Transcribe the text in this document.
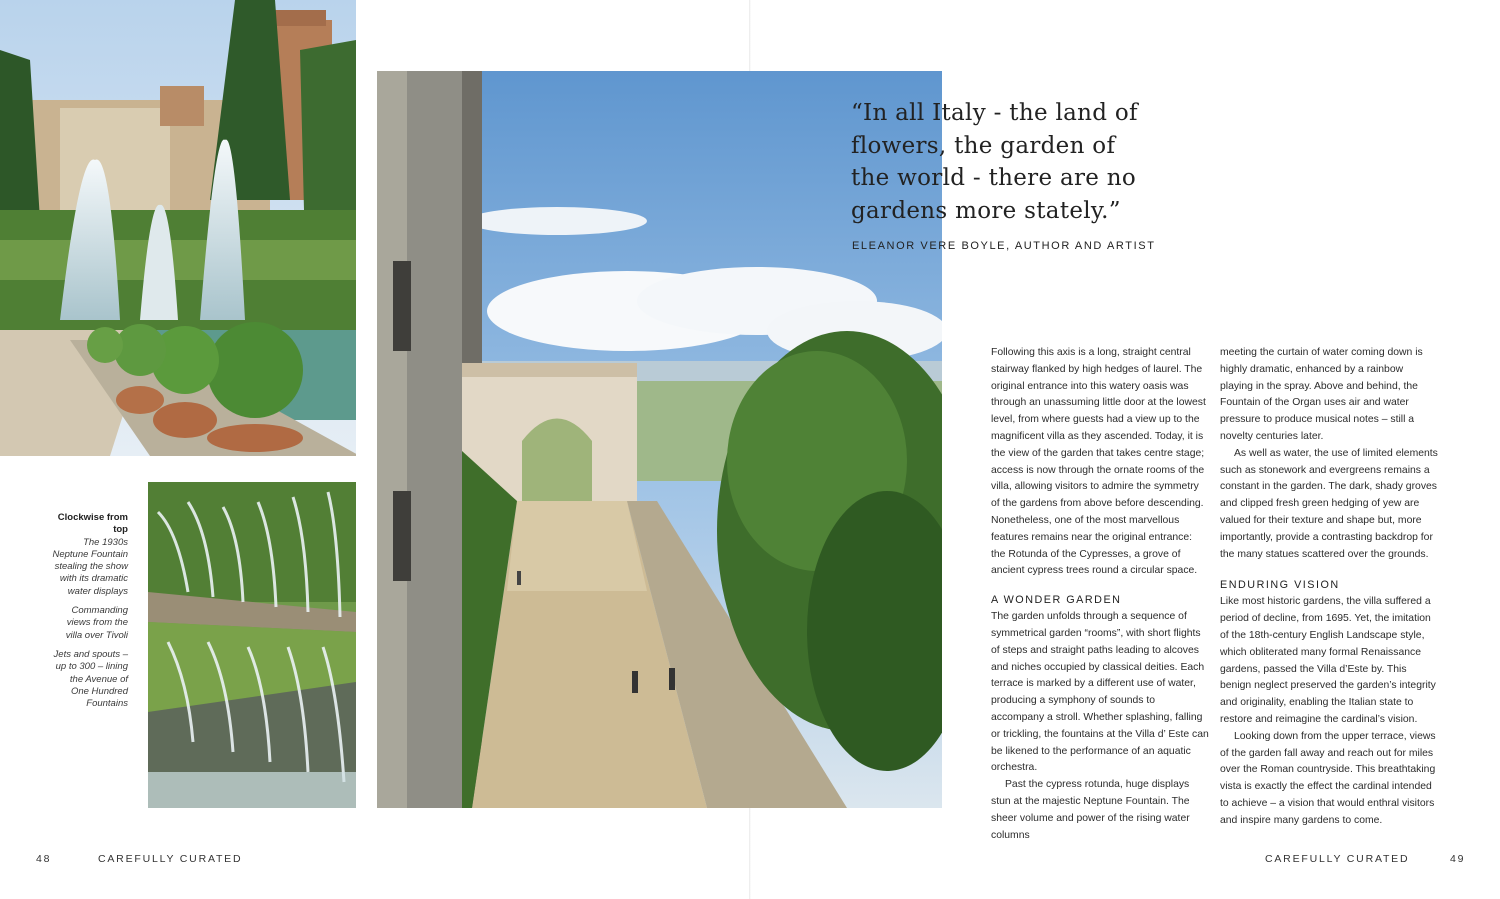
Clockwise from top
The 1930s Neptune Fountain stealing the show with its dramatic water displays
Commanding views from the villa over Tivoli
Jets and spouts – up to 300 – lining the Avenue of One Hundred Fountains
“In all Italy - the land of flowers, the garden of the world - there are no gardens more stately.”
ELEANOR VERE BOYLE, AUTHOR AND ARTIST

Following this axis is a long, straight central stairway flanked by high hedges of laurel. The original entrance into this watery oasis was through an unassuming little door at the lowest level, from where guests had a view up to the magnificent villa as they ascended. Today, it is the view of the garden that takes centre stage; access is now through the ornate rooms of the villa, allowing visitors to admire the symmetry of the gardens from above before descending. Nonetheless, one of the most marvellous features remains near the original entrance: the Rotunda of the Cypresses, a grove of ancient cypress trees round a circular space.

A WONDER GARDEN

The garden unfolds through a sequence of symmetrical garden “rooms”, with short flights of steps and straight paths leading to alcoves and niches occupied by classical deities. Each terrace is marked by a different use of water, producing a symphony of sounds to accompany a stroll. Whether splashing, falling or trickling, the fountains at the Villa d’ Este can be likened to the performance of an aquatic orchestra.

Past the cypress rotunda, huge displays stun at the majestic Neptune Fountain. The sheer volume and power of the rising water columns

meeting the curtain of water coming down is highly dramatic, enhanced by a rainbow playing in the spray. Above and behind, the Fountain of the Organ uses air and water pressure to produce musical notes – still a novelty centuries later.

As well as water, the use of limited elements such as stonework and evergreens remains a constant in the garden. The dark, shady groves and clipped fresh green hedging of yew are valued for their texture and shape but, more importantly, provide a contrasting backdrop for the many statues scattered over the grounds.

ENDURING VISION

Like most historic gardens, the villa suffered a period of decline, from 1695. Yet, the imitation of the 18th-century English Landscape style, which obliterated many formal Renaissance gardens, passed the Villa d’Este by. This benign neglect preserved the garden’s integrity and originality, enabling the Italian state to restore and reimagine the cardinal’s vision.

Looking down from the upper terrace, views of the garden fall away and reach out for miles over the Roman countryside. This breathtaking vista is exactly the effect the cardinal intended to achieve – a vision that would enthral visitors and inspire many gardens to come.

48	CAREFULLY CURATED	CAREFULLY CURATED	49
